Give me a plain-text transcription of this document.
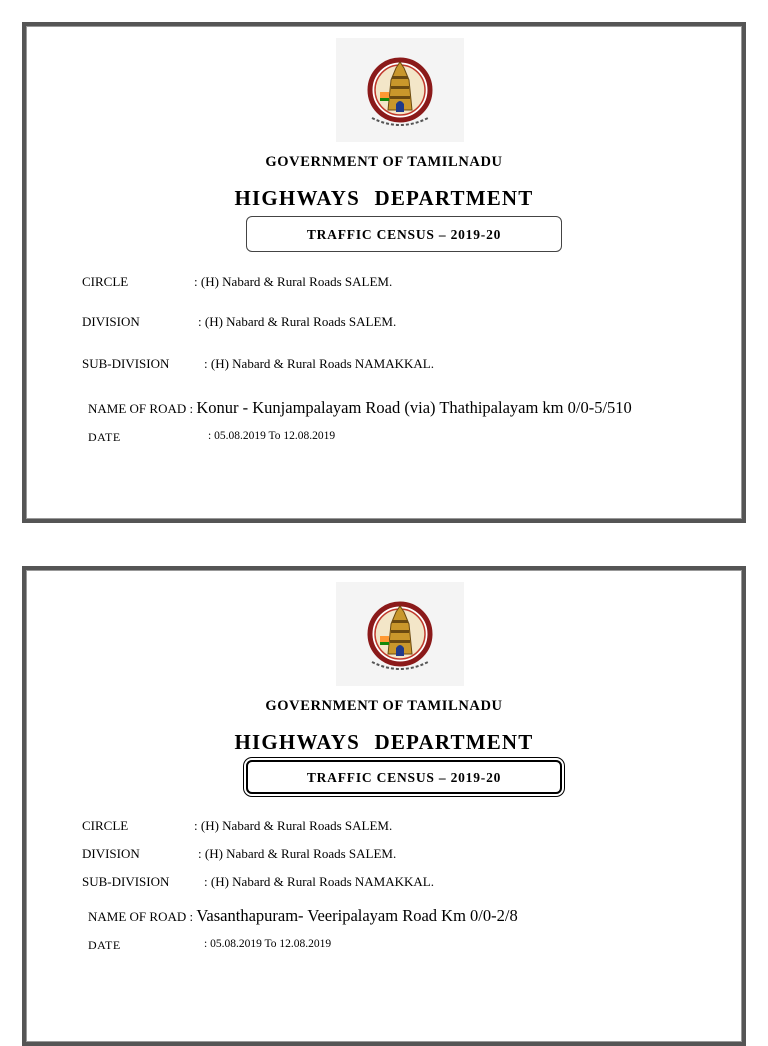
GOVERNMENT OF TAMILNADU
HIGHWAYS DEPARTMENT
TRAFFIC CENSUS – 2019-20
CIRCLE	: (H) Nabard & Rural Roads SALEM.
DIVISION	: (H) Nabard & Rural Roads SALEM.
SUB-DIVISION	: (H) Nabard & Rural Roads NAMAKKAL.
NAME OF ROAD : Konur - Kunjampalayam Road (via) Thathipalayam km 0/0-5/510
DATE	: 05.08.2019 To 12.08.2019
GOVERNMENT OF TAMILNADU
HIGHWAYS DEPARTMENT
TRAFFIC CENSUS – 2019-20
CIRCLE	: (H) Nabard & Rural Roads SALEM.
DIVISION	: (H) Nabard & Rural Roads SALEM.
SUB-DIVISION	: (H) Nabard & Rural Roads NAMAKKAL.
NAME OF ROAD : Vasanthapuram- Veeripalayam Road Km 0/0-2/8
DATE	: 05.08.2019 To 12.08.2019
